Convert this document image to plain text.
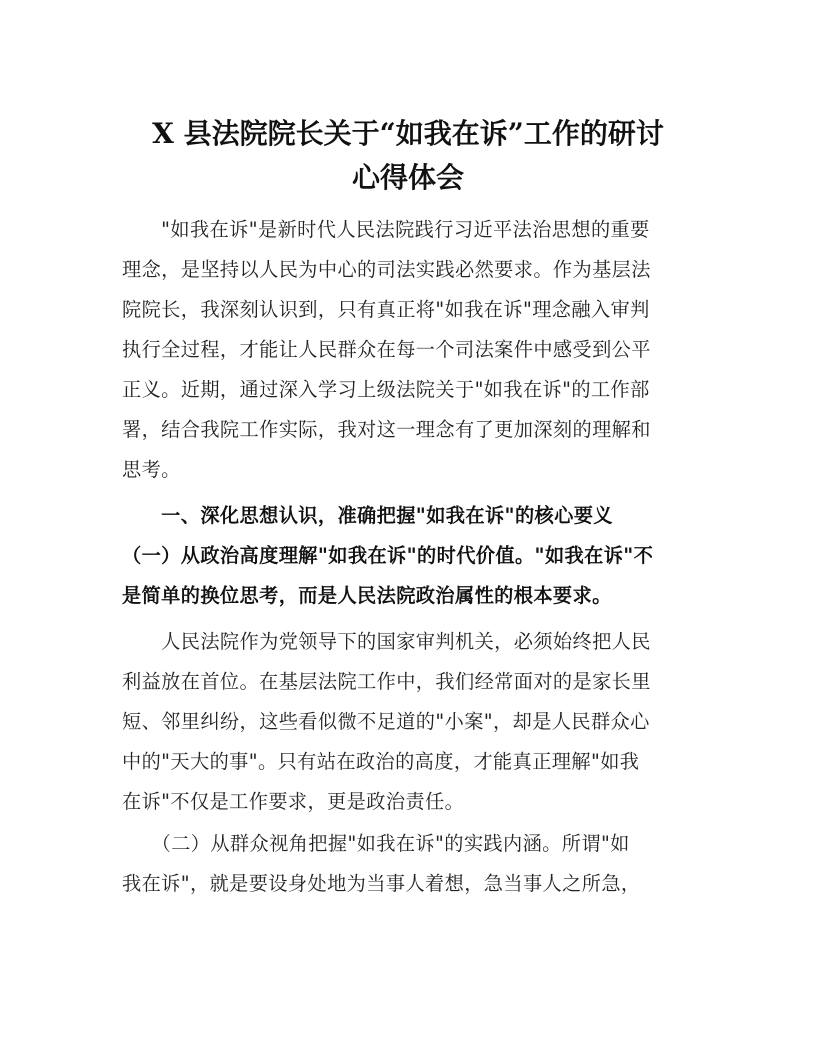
X 县法院院长关于“如我在诉”工作的研讨
心得体会

　　"如我在诉"是新时代人民法院践行习近平法治思想的重要
理念，是坚持以人民为中心的司法实践必然要求。作为基层法
院院长，我深刻认识到，只有真正将"如我在诉"理念融入审判
执行全过程，才能让人民群众在每一个司法案件中感受到公平
正义。近期，通过深入学习上级法院关于"如我在诉"的工作部
署，结合我院工作实际，我对这一理念有了更加深刻的理解和
思考。

　　一、深化思想认识，准确把握"如我在诉"的核心要义
（一）从政治高度理解"如我在诉"的时代价值。"如我在诉"不
是简单的换位思考，而是人民法院政治属性的根本要求。

　　人民法院作为党领导下的国家审判机关，必须始终把人民
利益放在首位。在基层法院工作中，我们经常面对的是家长里
短、邻里纠纷，这些看似微不足道的"小案"，却是人民群众心
中的"天大的事"。只有站在政治的高度，才能真正理解"如我
在诉"不仅是工作要求，更是政治责任。

　　（二）从群众视角把握"如我在诉"的实践内涵。所谓"如
我在诉"，就是要设身处地为当事人着想，急当事人之所急，
